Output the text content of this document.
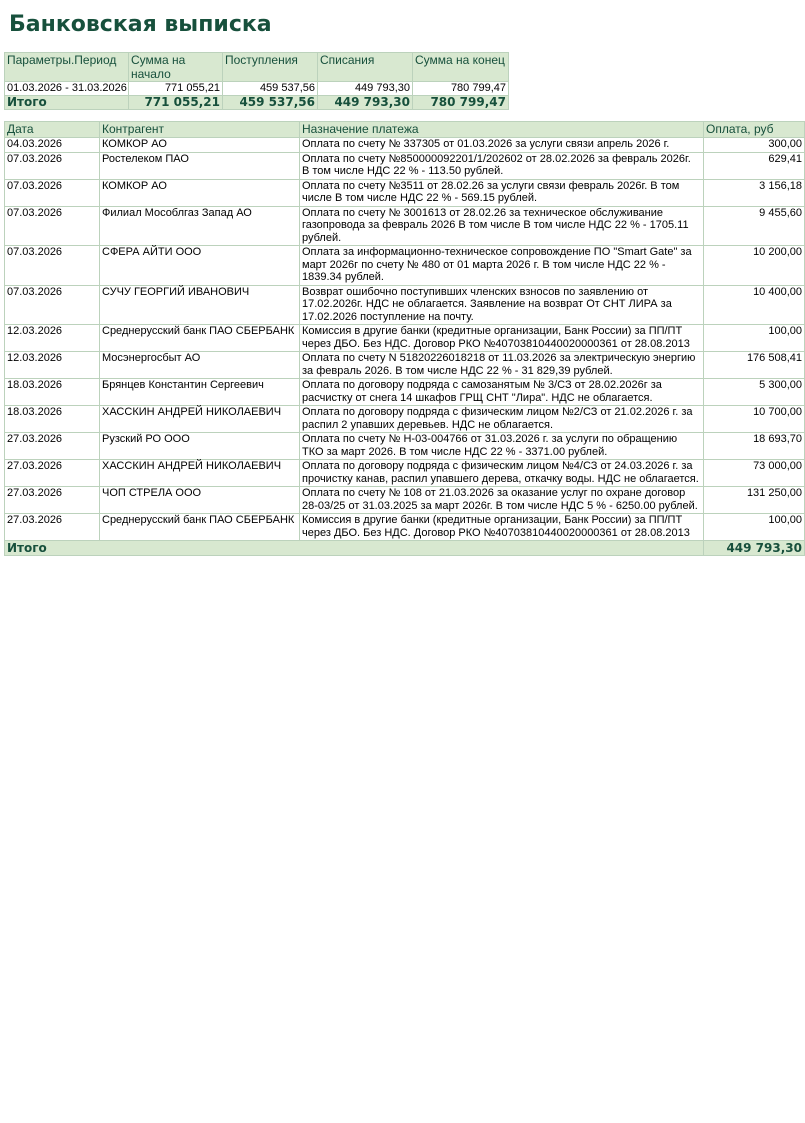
Банковская выписка
Параметры.Период	Сумма на начало	Поступления	Списания	Сумма на конец
01.03.2026 - 31.03.2026	771 055,21	459 537,56	449 793,30	780 799,47
Итого	771 055,21	459 537,56	449 793,30	780 799,47
Дата	Контрагент	Назначение платежа	Оплата, руб
04.03.2026	КОМКОР АО	Оплата по счету № 337305 от 01.03.2026 за услуги связи апрель 2026 г.	300,00
07.03.2026	Ростелеком ПАО	Оплата по счету №850000092201/1/202602 от 28.02.2026 за февраль 2026г. В том числе НДС 22 % - 113.50 рублей.	629,41
07.03.2026	КОМКОР АО	Оплата по счету №3511 от 28.02.26 за услуги связи февраль 2026г. В том числе В том числе НДС 22 % - 569.15 рублей.	3 156,18
07.03.2026	Филиал Мособлгаз Запад АО	Оплата по счету № 3001613 от 28.02.26 за техническое обслуживание газопровода за февраль 2026 В том числе В том числе НДС 22 % - 1705.11 рублей.	9 455,60
07.03.2026	СФЕРА АЙТИ ООО	Оплата за информационно-техническое сопровождение ПО "Smart Gate" за март 2026г по счету № 480 от 01 марта 2026 г. В том числе НДС 22 % - 1839.34 рублей.	10 200,00
07.03.2026	СУЧУ ГЕОРГИЙ ИВАНОВИЧ	Возврат ошибочно поступивших членских взносов по заявлению от 17.02.2026г. НДС не облагается. Заявление на возврат От СНТ ЛИРА за 17.02.2026 поступление на почту.	10 400,00
12.03.2026	Среднерусский банк ПАО СБЕРБАНК	Комиссия в другие банки (кредитные организации, Банк России) за ПП/ПТ через ДБО. Без НДС. Договор РКО №40703810440020000361 от 28.08.2013	100,00
12.03.2026	Мосэнергосбыт АО	Оплата по счету N 51820226018218 от 11.03.2026 за электрическую энергию за февраль 2026. В том числе НДС 22 % - 31 829,39 рублей.	176 508,41
18.03.2026	Брянцев Константин Сергеевич	Оплата по договору подряда с самозанятым № 3/СЗ от 28.02.2026г за расчистку от снега 14 шкафов ГРЩ СНТ "Лира". НДС не облагается.	5 300,00
18.03.2026	ХАССКИН АНДРЕЙ НИКОЛАЕВИЧ	Оплата по договору подряда с физическим лицом №2/СЗ от 21.02.2026 г. за распил 2 упавших деревьев. НДС не облагается.	10 700,00
27.03.2026	Рузский РО ООО	Оплата по счету № Н-03-004766 от 31.03.2026 г. за услуги по обращению ТКО за март 2026. В том числе НДС 22 % - 3371.00 рублей.	18 693,70
27.03.2026	ХАССКИН АНДРЕЙ НИКОЛАЕВИЧ	Оплата по договору подряда с физическим лицом №4/СЗ от 24.03.2026 г. за прочистку канав, распил упавшего дерева, откачку воды. НДС не облагается.	73 000,00
27.03.2026	ЧОП СТРЕЛА ООО	Оплата по счету № 108 от 21.03.2026 за оказание услуг по охране договор 28-03/25 от 31.03.2025 за март 2026г. В том числе НДС 5 % - 6250.00 рублей.	131 250,00
27.03.2026	Среднерусский банк ПАО СБЕРБАНК	Комиссия в другие банки (кредитные организации, Банк России) за ПП/ПТ через ДБО. Без НДС. Договор РКО №40703810440020000361 от 28.08.2013	100,00
Итого			449 793,30
